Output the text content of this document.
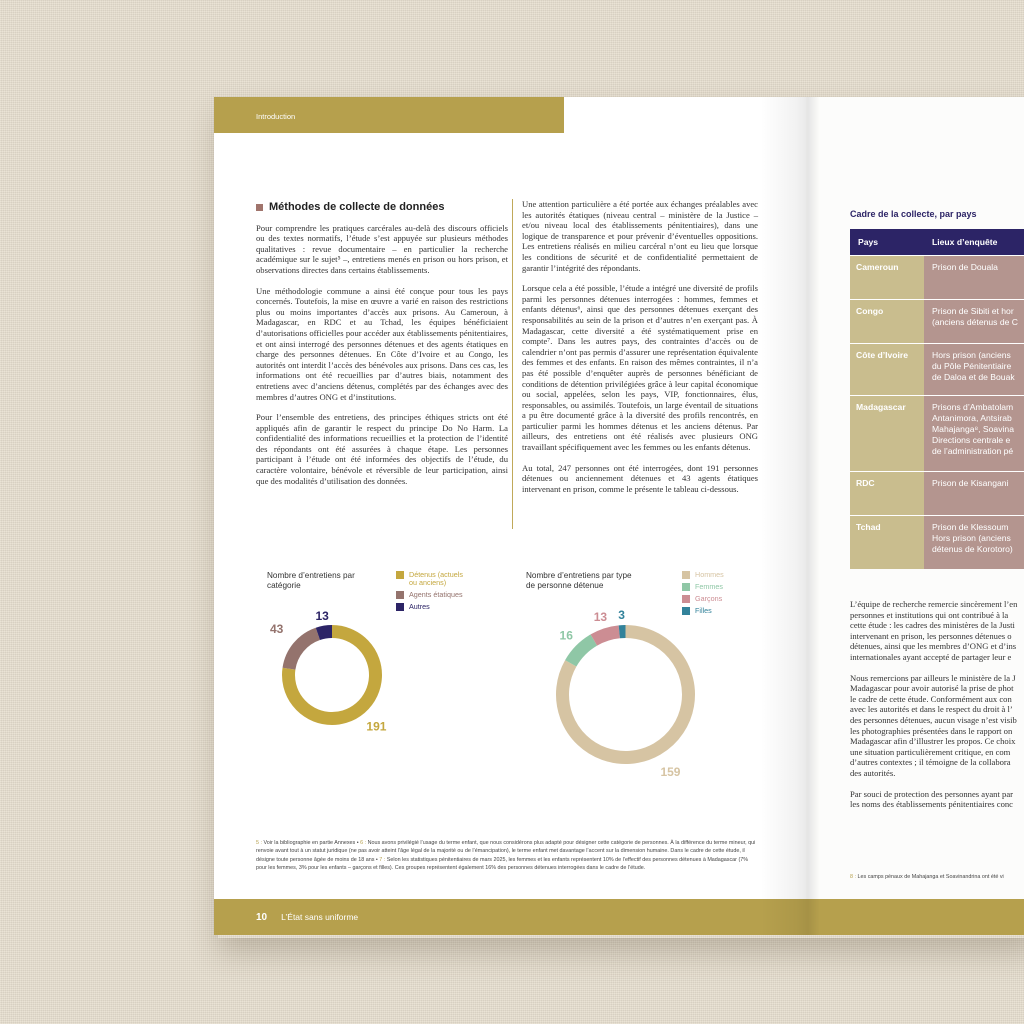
Introduction
Méthodes de collecte de données

Pour comprendre les pratiques carcérales au-delà des discours officiels ou des textes normatifs, l’étude s’est appuyée sur plusieurs méthodes qualitatives : revue documentaire – en particulier la recherche académique sur le sujet⁵ –, entretiens menés en prison ou hors prison, et observations directes dans certains établissements.

Une méthodologie commune a ainsi été conçue pour tous les pays concernés. Toutefois, la mise en œuvre a varié en raison des restrictions plus ou moins importantes d’accès aux prisons. Au Cameroun, à Madagascar, en RDC et au Tchad, les équipes bénéficiaient d’autorisations officielles pour accéder aux établissements pénitentiaires, et ont ainsi interrogé des personnes détenues et des agents étatiques en charge des personnes détenues. En Côte d’Ivoire et au Congo, les autorités ont interdit l’accès des bénévoles aux prisons. Dans ces cas, les informations ont été recueillies par d’autres biais, notamment des entretiens avec d’anciens détenus, complétés par des échanges avec des membres d’autres ONG et d’institutions.

Pour l’ensemble des entretiens, des principes éthiques stricts ont été appliqués afin de garantir le respect du principe Do No Harm. La confidentialité des informations recueillies et la protection de l’identité des répondants ont été assurées à chaque étape. Les personnes participant à l’étude ont été informées des objectifs de l’étude, du caractère volontaire, bénévole et réversible de leur participation, ainsi que des modalités d’utilisation des données.

Une attention particulière a été portée aux échanges préalables avec les autorités étatiques (niveau central – ministère de la Justice – et/ou niveau local des établissements pénitentiaires), dans une logique de transparence et pour prévenir d’éventuelles oppositions. Les entretiens réalisés en milieu carcéral n’ont eu lieu que lorsque les conditions de sécurité et de confidentialité permettaient de garantir l’intégrité des répondants.

Lorsque cela a été possible, l’étude a intégré une diversité de profils parmi les personnes détenues interrogées : hommes, femmes et enfants détenus⁶, ainsi que des personnes détenues exerçant des responsabilités au sein de la prison et d’autres n’en exerçant pas. À Madagascar, cette diversité a été systématiquement prise en compte⁷. Dans les autres pays, des contraintes d’accès ou de calendrier n’ont pas permis d’assurer une représentation équivalente des femmes et des enfants. En raison des mêmes contraintes, il n’a pas été possible d’enquêter auprès de personnes bénéficiant de conditions de détention privilégiées grâce à leur capital économique ou social, appelées, selon les pays, VIP, fonctionnaires, élus, responsables, ou assimilés. Toutefois, un large éventail de situations a pu être documenté grâce à la diversité des profils rencontrés, en particulier parmi les hommes détenus et les anciens détenus. Par ailleurs, des entretiens ont été réalisés avec plusieurs ONG travaillant spécifiquement avec les femmes ou les enfants détenus.

Au total, 247 personnes ont été interrogées, dont 191 personnes détenues ou anciennement détenues et 43 agents étatiques intervenant en prison, comme le présente le tableau ci-dessous.

Nombre d’entretiens par catégorie
Détenus (actuels ou anciens)
Agents étatiques
Autres
191
43
13
Nombre d’entretiens par type de personne détenue
Hommes
Femmes
Garçons
Filles
159
16
13 3
5 : Voir la bibliographie en partie Annexes • 6 : Nous avons privilégié l’usage du terme enfant, que nous considérons plus adapté pour désigner cette catégorie de personnes. À la différence du terme mineur, qui renvoie avant tout à un statut juridique (ne pas avoir atteint l’âge légal de la majorité ou de l’émancipation), le terme enfant met davantage l’accent sur la dimension humaine. Dans le cadre de cette étude, il désigne toute personne âgée de moins de 18 ans • 7 : Selon les statistiques pénitentiaires de mars 2025, les femmes et les enfants représentent 10% de l’effectif des personnes détenues à Madagascar (7% pour les femmes, 3% pour les enfants – garçons et filles). Ces groupes représentent également 16% des personnes détenues interrogées dans le cadre de l’étude.
10 L’État sans uniforme
Cadre de la collecte, par pays
Pays	Lieux d’enquête
Cameroun	Prison de Douala
Congo	Prison de Sibiti et hor
(anciens détenus de C
Côte d’Ivoire	Hors prison (anciens
du Pôle Pénitentiaire
de Daloa et de Bouak
Madagascar	Prisons d’Ambatolam
Antanimora, Antsirab
Mahajanga⁸, Soavina
Directions centrale e
de l’administration pé
RDC	Prison de Kisangani
Tchad	Prison de Klessoum
Hors prison (anciens
détenus de Korotoro)

L’équipe de recherche remercie sincèrement l’en
personnes et institutions qui ont contribué à la
cette étude : les cadres des ministères de la Justi
intervenant en prison, les personnes détenues o
détenues, ainsi que les membres d’ONG et d’ins
internationales ayant accepté de partager leur e

Nous remercions par ailleurs le ministère de la J
Madagascar pour avoir autorisé la prise de phot
le cadre de cette étude. Conformément aux con
avec les autorités et dans le respect du droit à l’
des personnes détenues, aucun visage n’est visib
les photographies présentées dans le rapport on
Madagascar afin d’illustrer les propos. Ce choix
une situation particulièrement critique, en com
d’autres contextes ; il témoigne de la collabora
des autorités.

Par souci de protection des personnes ayant par
les noms des établissements pénitentiaires conc

8 : Les camps pénaux de Mahajanga et Soavinandrina ont été vi
